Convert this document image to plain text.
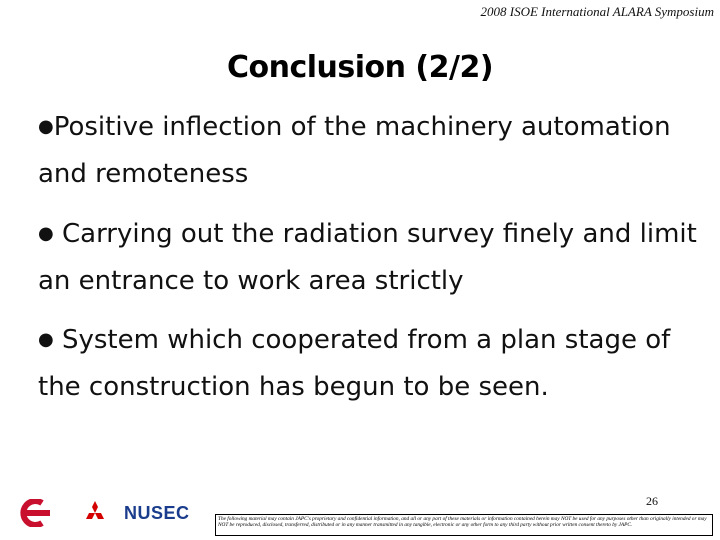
2008 ISOE International ALARA Symposium
Conclusion (2/2)
●Positive inflection of the machinery automation and remoteness
● Carrying out the radiation survey finely and limit an entrance to work area strictly
● System which cooperated from a plan stage of the construction has begun to be seen.
26
NUSEC	The following material may contain JAPC's proprietary and confidential information, and all or any part of these materials or information contained herein may NOT be used for any purposes other than originally intended or may NOT be reproduced, disclosed, transferred, distributed or in any manner transmitted in any tangible, electronic or any other form to any third party without prior written consent thereto by JAPC.
